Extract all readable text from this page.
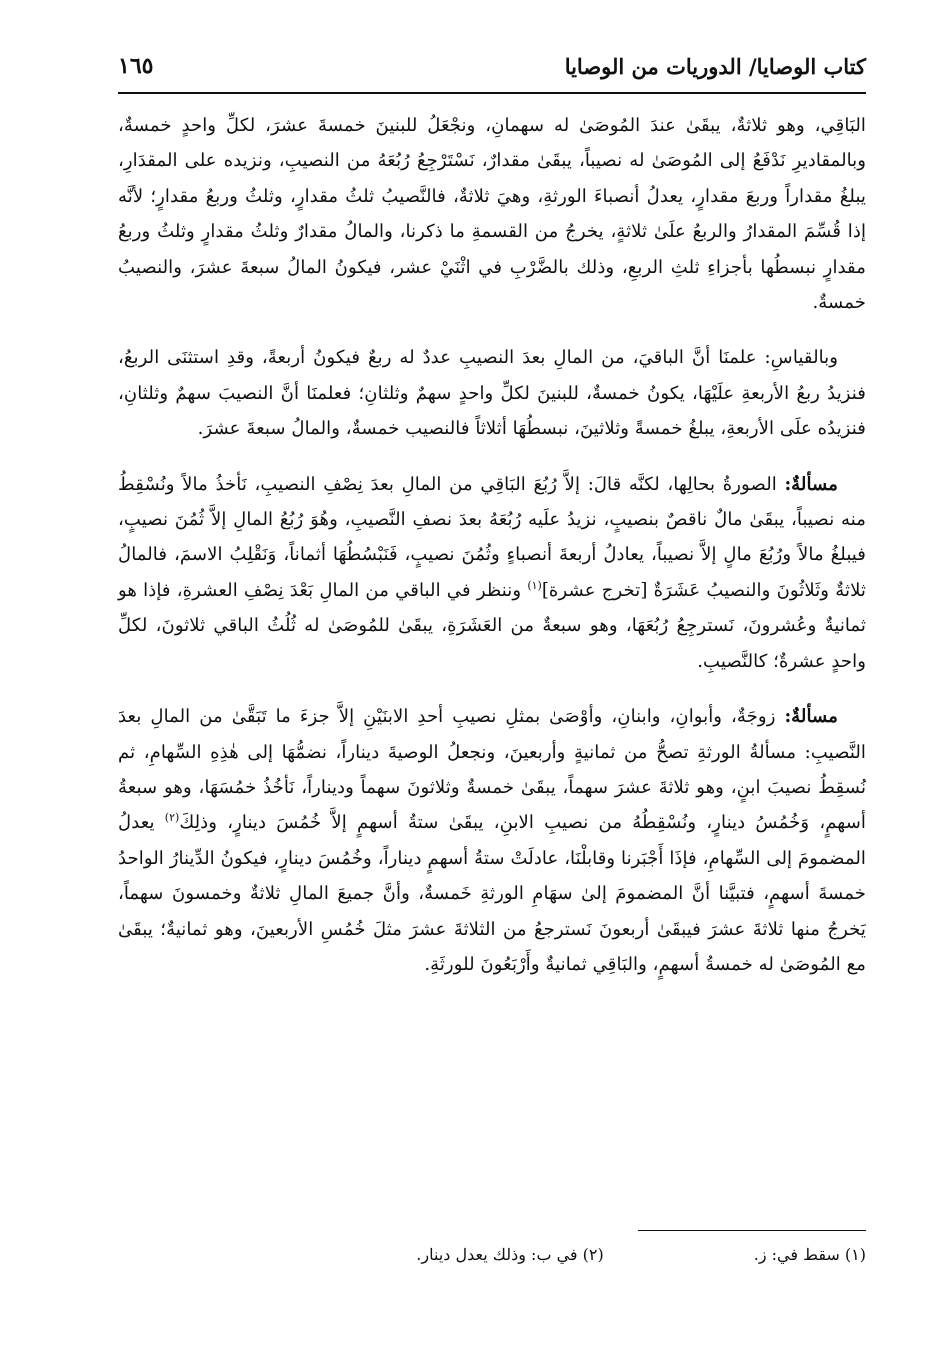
كتاب الوصايا/ الدوريات من الوصايا
١٦٥

البَاقِي، وهو ثلاثةٌ، يبقَىٰ عندَ المُوصَىٰ له سهمانِ، ونجْعَلُ للبنينَ خمسةَ عشرَ، لكلِّ واحدٍ خمسةٌ، وبالمقاديرِ نَدْفَعُ إلى المُوصَىٰ له نصيباً، يبقَىٰ مقدارٌ، نَسْتَرْجِعُ رُبُعَهُ من النصيبِ، ونزيده على المقدَارِ، يبلغُ مقداراً وربعَ مقدارٍ، يعدلُ أنصباءَ الورثةِ، وهيَ ثلاثةٌ، فالنَّصيبُ ثلثُ مقدارٍ، وثلثُ وربعُ مقدارٍ؛ لأنَّه إذا قُسِّمَ المقدارُ والربعُ علَىٰ ثلاثةٍ، يخرجُ من القسمةِ ما ذكرنا، والمالُ مقدارٌ وثلثُ مقدارٍ وثلثُ وربعُ مقدارٍ نبسطُها بأجزاءِ ثلثِ الربعِ، وذلك بالضَّرْبِ في اثْنَيْ عشر، فيكونُ المالُ سبعةَ عشرَ، والنصيبُ خمسةٌ.

وبالقياسِ: علمنَا أنَّ الباقيَ، من المالِ بعدَ النصيبِ عددٌ له ربعٌ فيكونُ أربعةً، وقدِ استثنَى الربعُ، فنزيدُ ربعُ الأربعةِ علَيْهَا، يكونُ خمسةٌ، للبنينَ لكلِّ واحدٍ سهمٌ وثلثانِ؛ فعلمنَا أنَّ النصيبَ سهمٌ وثلثانِ، فنزيدُه علَى الأربعةِ، يبلغُ خمسةً وثلاثينَ، نبسطُهَا أثلاثاً فالنصيب خمسةٌ، والمالُ سبعةَ عشرَ.

مسألةٌ: الصورةُ بحالِها، لكنَّه قالَ: إلاَّ رُبُعَ البَاقِي من المالِ بعدَ نِصْفِ النصيبِ، نَأخذُ مالاً ونُسْقِطُ منه نصيباً، يبقَىٰ مالٌ ناقصٌ بنصيبٍ، نزيدُ علَيه رُبُعَهُ بعدَ نصفِ النَّصيبِ، وهُوَ رُبُعُ المالِ إلاَّ ثُمُنَ نصيبٍ، فيبلغُ مالاً ورُبُعَ مالٍ إلاَّ نصيباً، يعادلُ أربعةَ أنصباءٍ وثُمُنَ نصيبٍ، فَنَبْسُطُهَا أثماناً، وَنَقْلِبُ الاسمَ، فالمالُ ثلاثةٌ وثَلاثُونَ والنصيبُ عَشَرَةٌ [تخرج عشرة]$^{(١)}$ وننظر في الباقي من المالِ بَعْدَ نِصْفِ العشرةِ، فإذا هو ثمانيةٌ وعُشرونَ، نَسترجِعُ رُبُعَهَا، وهو سبعةٌ من العَشَرَةِ، يبقَىٰ للمُوصَىٰ له ثُلُثُ الباقي ثلاثونَ، لكلِّ واحدٍ عشرةٌ؛ كالنَّصيبِ.

مسألةٌ: زوجَةٌ، وأبوانِ، وابنانِ، وأوْصَىٰ بمثلِ نصيبِ أحدِ الابنَيْنِ إلاَّ جزءَ ما تَبَقَّىٰ من المالِ بعدَ النَّصيبِ: مسألةُ الورثةِ تصحُّ من ثمانيةٍ وأربعينَ، ونجعلُ الوصيةَ ديناراً، نضمُّهَا إلى هٰذِهِ السِّهامِ، ثم نُسقِطُ نصيبَ ابنٍ، وهو ثلاثةَ عشرَ سهماً، يبقَىٰ خمسةٌ وثلاثونَ سهماً وديناراً، نَأخُذُ خمُسَهَا، وهو سبعةُ أسهمٍ، وَخُمُسُ دينارٍ، ونُسْقِطُهُ من نصيبِ الابنِ، يبقَىٰ ستةُ أسهمٍ إلاَّ خُمُسَ دينارٍ، وذلِكَ$^{(٢)}$ يعدلُ المضمومَ إلى السِّهامِ، فإذَا أَجْبَرنا وقابلْنَا، عادلَتْ ستةُ أسهمٍ ديناراً، وخُمُسَ دينارٍ، فيكونُ الدِّينارُ الواحدُ خمسةَ أسهمٍ، فتبيَّنا أنَّ المضمومَ إلىٰ سهَامِ الورثةِ خَمسةٌ، وأنَّ جميعَ المالِ ثلاثةٌ وخمسونَ سهماً، يَخرجُ منها ثلاثةَ عشرَ فيبقَىٰ أربعونَ نَسترجعُ من الثلاثةَ عشرَ مثلَ خُمُسِ الأربعينَ، وهو ثمانيةٌ؛ يبقَىٰ مع المُوصَىٰ له خمسةُ أسهمٍ، والبَاقِي ثمانيةٌ وأَرْبَعُونَ للورثَةِ.

(١) سقط في: ز.
(٢) في ب: وذلك يعدل دينار.
